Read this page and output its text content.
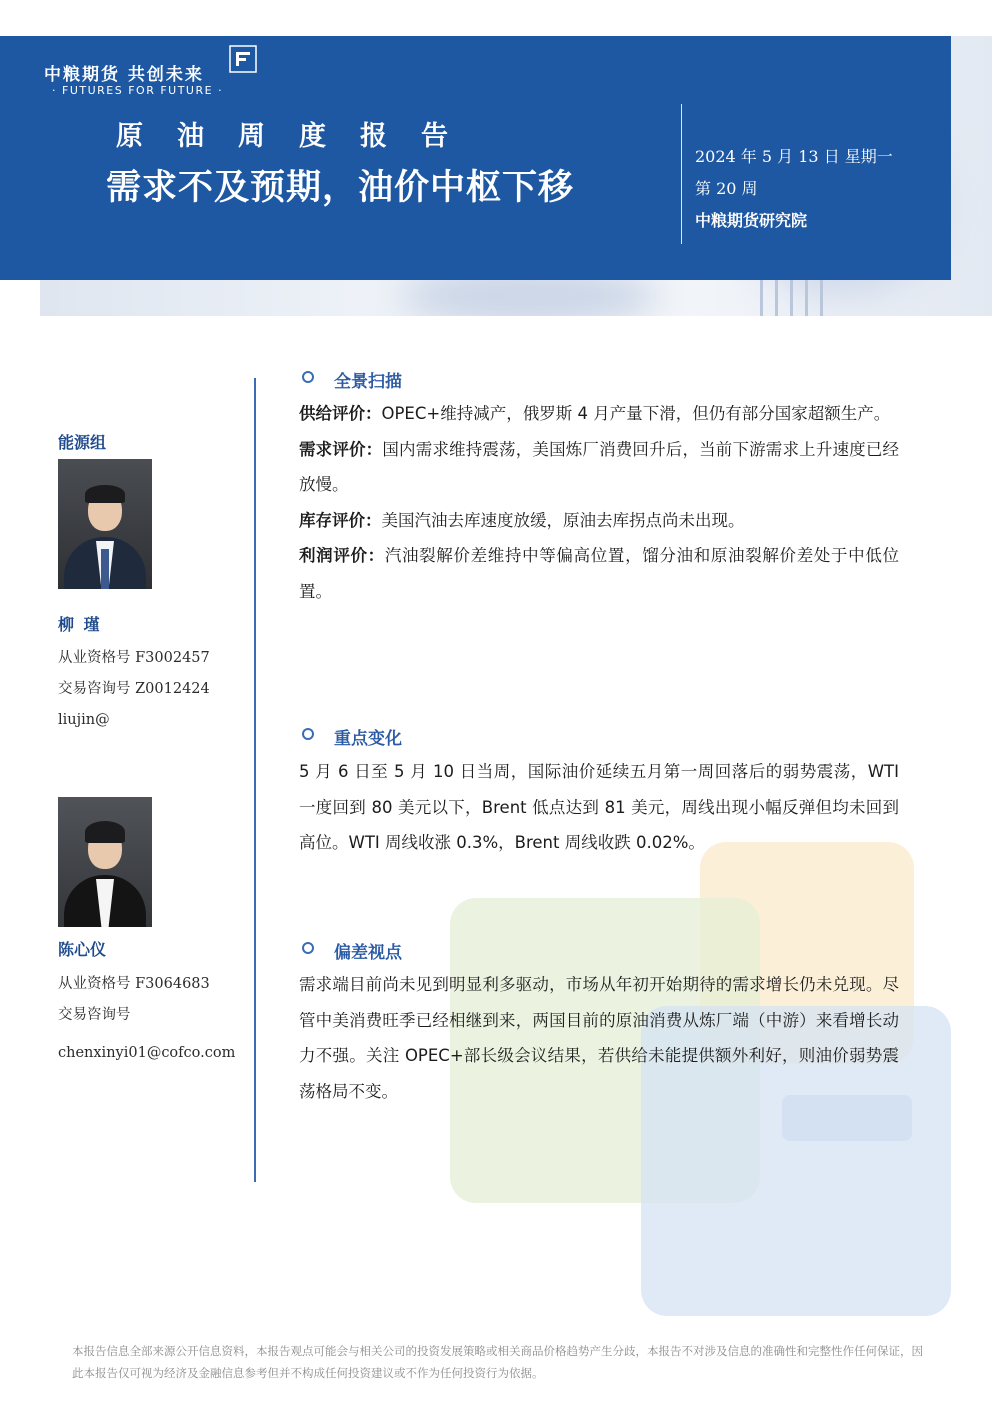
中粮期货 共创未来
· FUTURES FOR FUTURE ·
原油周度报告
需求不及预期，油价中枢下移
2024 年 5 月 13 日 星期一
第 20 周
中粮期货研究院
能源组
柳 瑾
从业资格号 F3002457
交易咨询号 Z0012424
liujin@
陈心仪
从业资格号 F3064683
交易咨询号
chenxinyi01@cofco.com
全景扫描
供给评价：OPEC+维持减产，俄罗斯 4 月产量下滑，但仍有部分国家超额生产。
需求评价：国内需求维持震荡，美国炼厂消费回升后，当前下游需求上升速度已经放慢。
库存评价：美国汽油去库速度放缓，原油去库拐点尚未出现。
利润评价：汽油裂解价差维持中等偏高位置，馏分油和原油裂解价差处于中低位置。
重点变化
5 月 6 日至 5 月 10 日当周，国际油价延续五月第一周回落后的弱势震荡，WTI 一度回到 80 美元以下，Brent 低点达到 81 美元，周线出现小幅反弹但均未回到高位。WTI 周线收涨 0.3%，Brent 周线收跌 0.02%。
偏差视点
需求端目前尚未见到明显利多驱动，市场从年初开始期待的需求增长仍未兑现。尽管中美消费旺季已经相继到来，两国目前的原油消费从炼厂端（中游）来看增长动力不强。关注 OPEC+部长级会议结果，若供给未能提供额外利好，则油价弱势震荡格局不变。
本报告信息全部来源公开信息资料，本报告观点可能会与相关公司的投资发展策略或相关商品价格趋势产生分歧，本报告不对涉及信息的准确性和完整性作任何保证，因此本报告仅可视为经济及金融信息参考但并不构成任何投资建议或不作为任何投资行为依据。
